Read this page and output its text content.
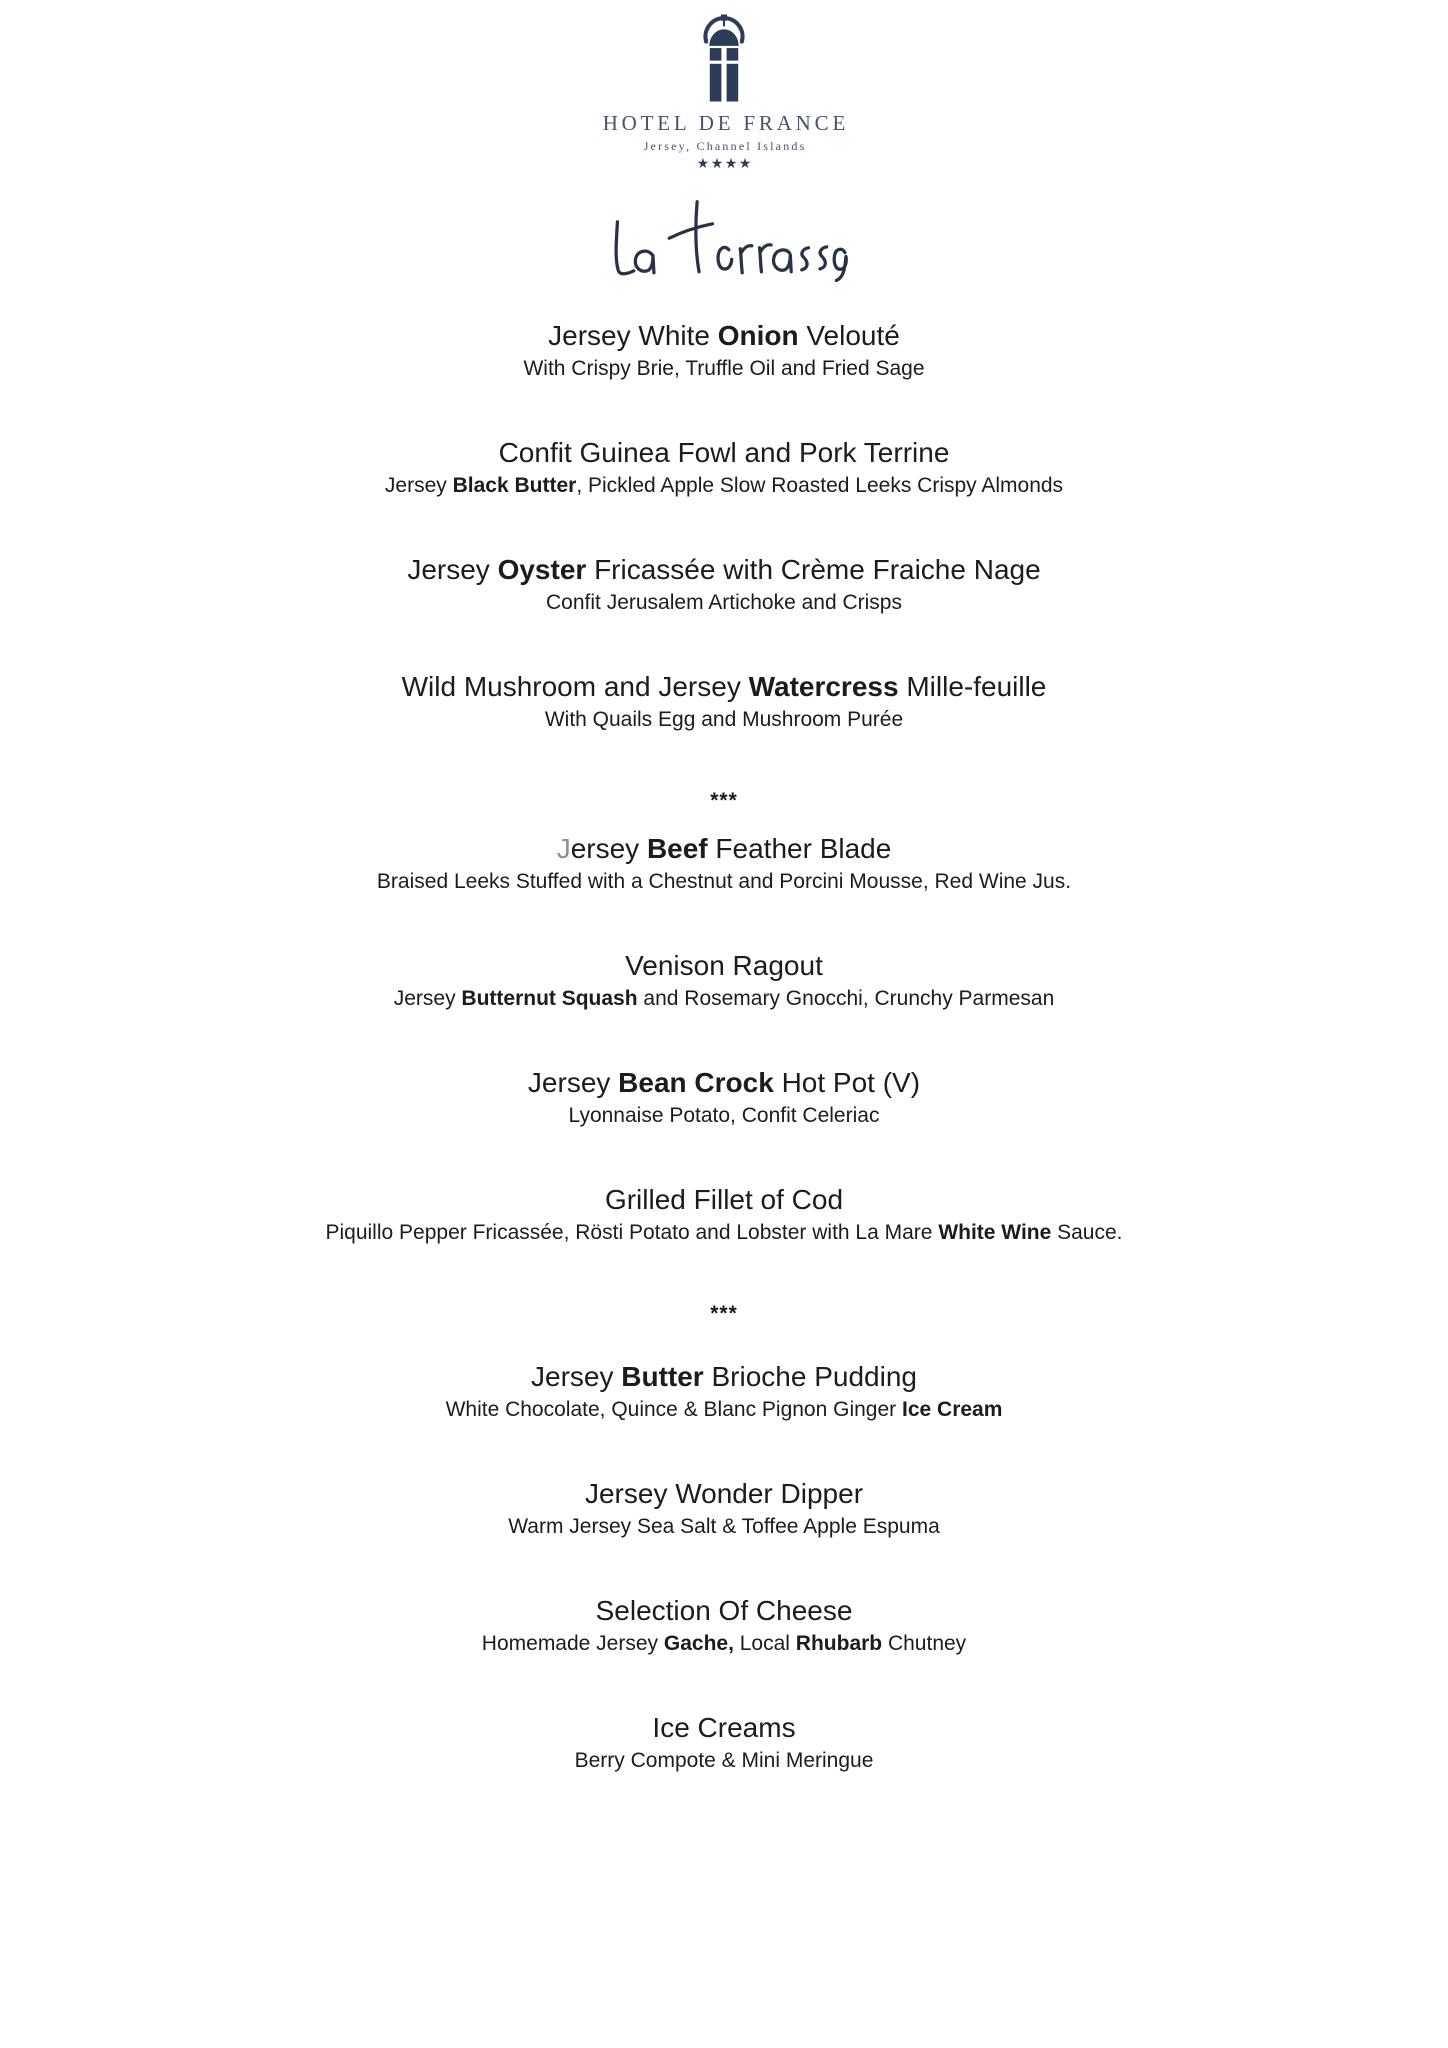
HOTEL DE FRANCE
Jersey, Channel Islands
★★★★
Jersey White Onion Velouté
With Crispy Brie, Truffle Oil and Fried Sage
Confit Guinea Fowl and Pork Terrine
Jersey Black Butter, Pickled Apple Slow Roasted Leeks Crispy Almonds
Jersey Oyster Fricassée with Crème Fraiche Nage
Confit Jerusalem Artichoke and Crisps
Wild Mushroom and Jersey Watercress Mille-feuille
With Quails Egg and Mushroom Purée
***
Jersey Beef Feather Blade
Braised Leeks Stuffed with a Chestnut and Porcini Mousse, Red Wine Jus.
Venison Ragout
Jersey Butternut Squash and Rosemary Gnocchi, Crunchy Parmesan
Jersey Bean Crock Hot Pot (V)
Lyonnaise Potato, Confit Celeriac
Grilled Fillet of Cod
Piquillo Pepper Fricassée, Rösti Potato and Lobster with La Mare White Wine Sauce.
***
Jersey Butter Brioche Pudding
White Chocolate, Quince & Blanc Pignon Ginger Ice Cream
Jersey Wonder Dipper
Warm Jersey Sea Salt & Toffee Apple Espuma
Selection Of Cheese
Homemade Jersey Gache, Local Rhubarb Chutney
Ice Creams
Berry Compote & Mini Meringue
